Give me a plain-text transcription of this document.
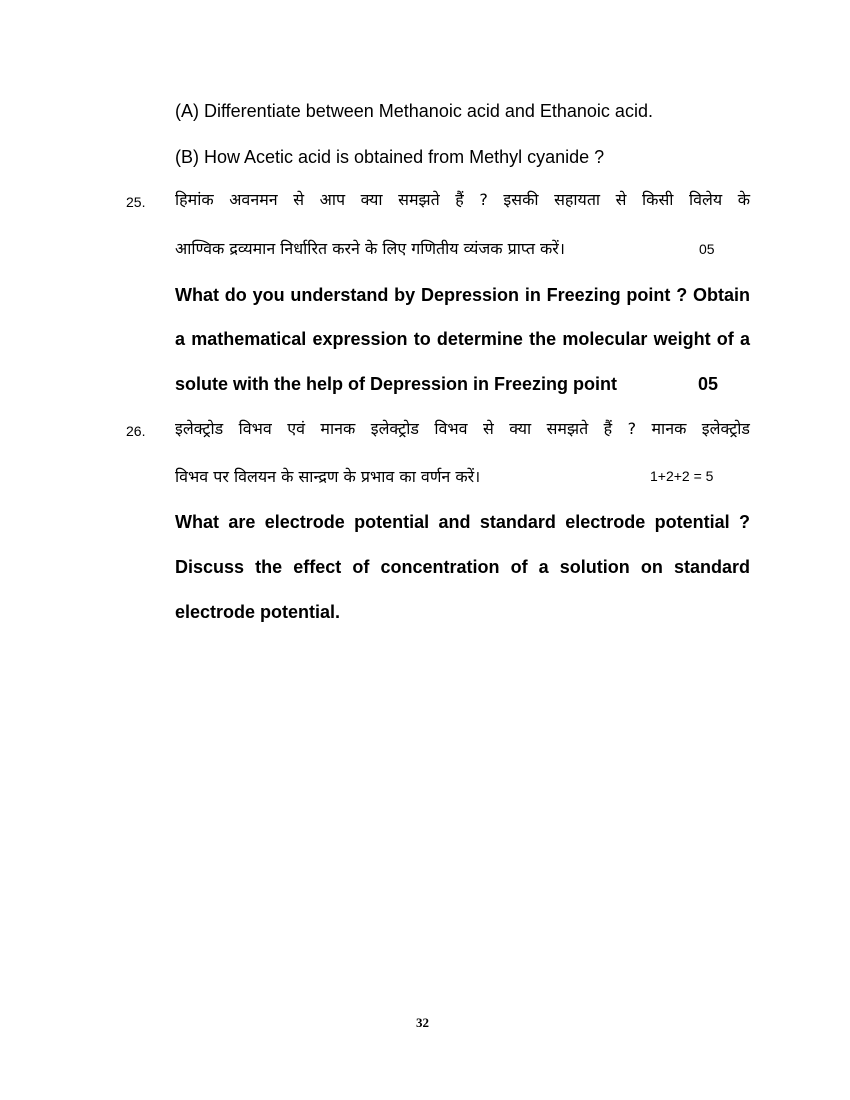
(A) Differentiate between Methanoic acid and Ethanoic acid.
(B) How Acetic acid is obtained from Methyl cyanide ?
25. हिमांक अवनमन से आप क्या समझते हैं ? इसकी सहायता से किसी विलेय के
आण्विक द्रव्यमान निर्धारित करने के लिए गणितीय व्यंजक प्राप्त करें।	05
What do you understand by Depression in Freezing point ? Obtain
a mathematical expression to determine the molecular weight of a
solute with the help of Depression in Freezing point	05
26. इलेक्ट्रोड विभव एवं मानक इलेक्ट्रोड विभव से क्या समझते हैं ? मानक इलेक्ट्रोड
विभव पर विलयन के सान्द्रण के प्रभाव का वर्णन करें।	1+2+2 = 5
What are electrode potential and standard electrode potential ?
Discuss the effect of concentration of a solution on standard
electrode potential.
32
